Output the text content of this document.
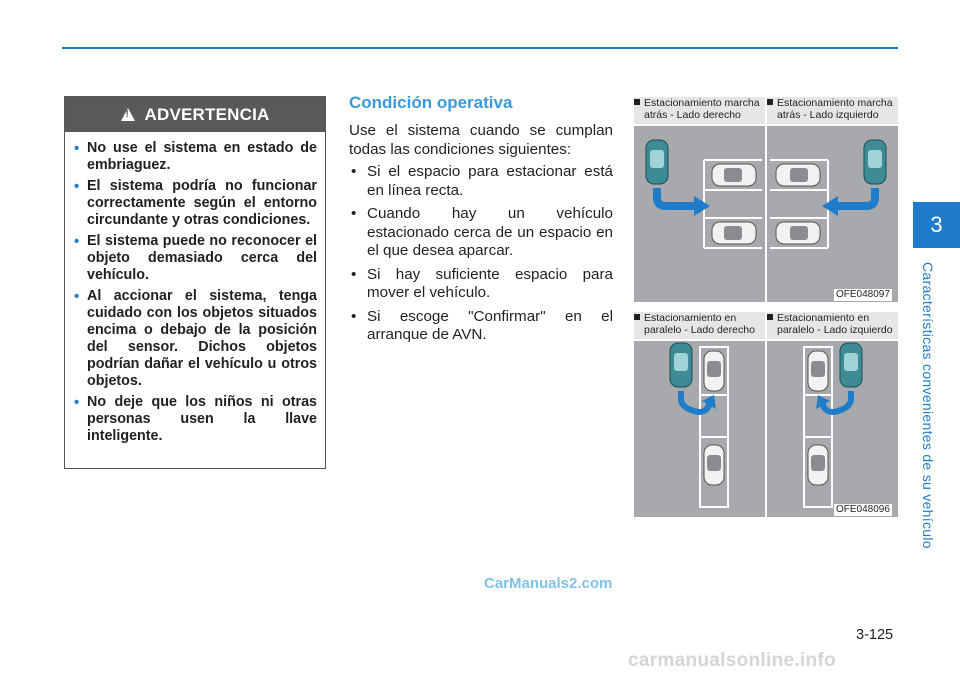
3
Características convenientes de su vehículo
!
ADVERTENCIA
• No use el sistema en estado de embriaguez.
• El sistema podría no funcionar correctamente según el entorno circundante y otras condiciones.
• El sistema puede no reconocer el objeto demasiado cerca del vehículo.
• Al accionar el sistema, tenga cuidado con los objetos situados encima o debajo de la posición del sensor. Dichos objetos podrían dañar el vehículo u otros objetos.
• No deje que los niños ni otras personas usen la llave inteligente.
Condición operativa
Use el sistema cuando se cumplan todas las condiciones siguientes:
• Si el espacio para estacionar está en línea recta.
• Cuando hay un vehículo estacionado cerca de un espacio en el que desea aparcar.
• Si hay suficiente espacio para mover el vehículo.
• Si escoge "Confirmar" en el arranque de AVN.
Estacionamiento marcha
atrás - Lado derecho
Estacionamiento marcha
atrás - Lado izquierdo
OFE048097
Estacionamiento en
paralelo - Lado derecho
Estacionamiento en
paralelo - Lado izquierdo
OFE048096
CarManuals2.com
3-125
carmanualsonline.info
